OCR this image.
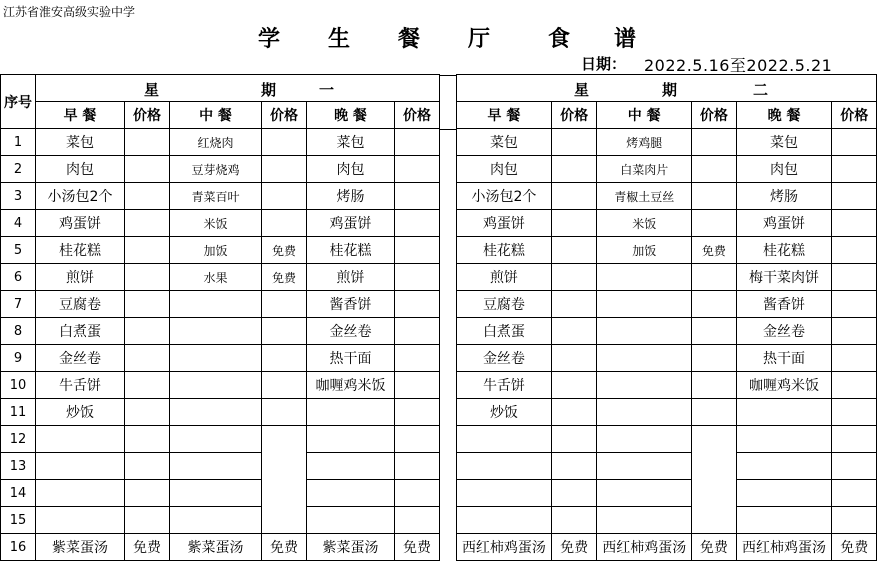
江苏省淮安高级实验中学
学 生 餐 厅	食 谱
日期： 2022.5.16至2022.5.21
序号	星 期 一					

	早 餐	价格	中 餐	价格	晚 餐	价格
1	菜包		红烧肉		菜包	
2	肉包		豆芽烧鸡		肉包	
3	小汤包2个		青菜百叶		烤肠	
4	鸡蛋饼		米饭		鸡蛋饼	
5	桂花糕		加饭	免费	桂花糕	
6	煎饼		水果	免费	煎饼	
7	豆腐卷				酱香饼	
8	白煮蛋				金丝卷	
9	金丝卷				热干面	
10	牛舌饼				咖喱鸡米饭	
11	炒饭					
12						
13						
14						
15						
16	紫菜蛋汤	免费	紫菜蛋汤	免费	紫菜蛋汤	免费
星 期 二					

早 餐	价格	中 餐	价格	晚 餐	价格
菜包		烤鸡腿		菜包	
肉包		白菜肉片		肉包	
小汤包2个		青椒土豆丝		烤肠	
鸡蛋饼		米饭		鸡蛋饼	
桂花糕		加饭	免费	桂花糕	
煎饼				梅干菜肉饼	
豆腐卷				酱香饼	
白煮蛋				金丝卷	
金丝卷				热干面	
牛舌饼				咖喱鸡米饭	
炒饭					

西红柿鸡蛋汤	免费	西红柿鸡蛋汤	免费	西红柿鸡蛋汤	免费
